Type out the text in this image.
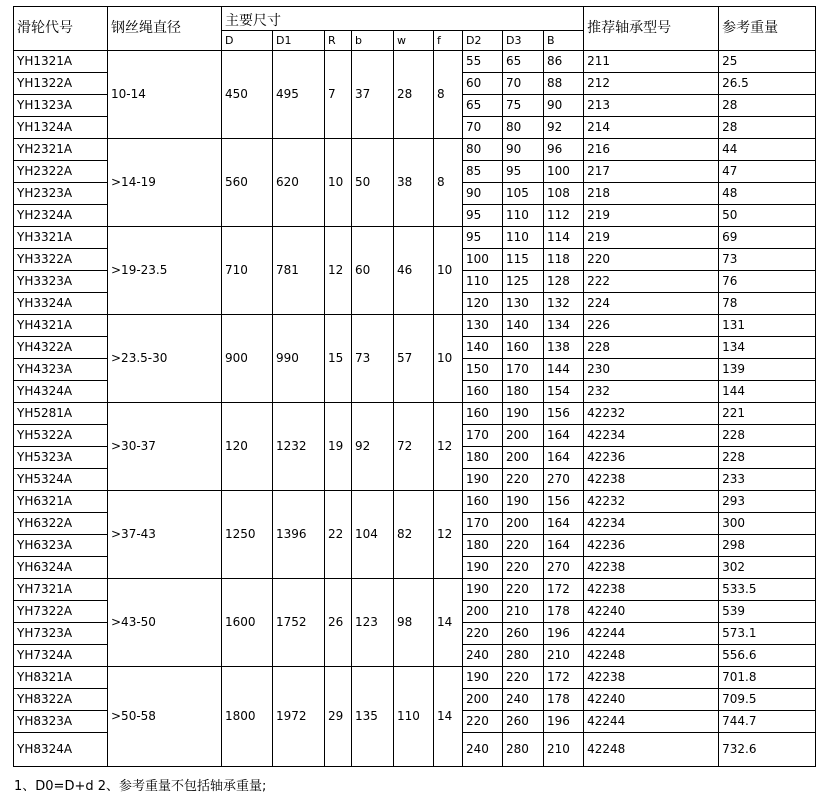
滑轮代号	钢丝绳直径	主要尺寸									推荐轴承型号	参考重量
		D	D1	R	b	w	f	D2	D3	B		
YH1321A	10-14	450	495	7	37	28	8	55	65	86	211	25
YH1322A								60	70	88	212	26.5
YH1323A								65	75	90	213	28
YH1324A								70	80	92	214	28
YH2321A	>14-19	560	620	10	50	38	8	80	90	96	216	44
YH2322A								85	95	100	217	47
YH2323A								90	105	108	218	48
YH2324A								95	110	112	219	50
YH3321A	>19-23.5	710	781	12	60	46	10	95	110	114	219	69
YH3322A								100	115	118	220	73
YH3323A								110	125	128	222	76
YH3324A								120	130	132	224	78
YH4321A	>23.5-30	900	990	15	73	57	10	130	140	134	226	131
YH4322A								140	160	138	228	134
YH4323A								150	170	144	230	139
YH4324A								160	180	154	232	144
YH5281A	>30-37	120	1232	19	92	72	12	160	190	156	42232	221
YH5322A								170	200	164	42234	228
YH5323A								180	200	164	42236	228
YH5324A								190	220	270	42238	233
YH6321A	>37-43	1250	1396	22	104	82	12	160	190	156	42232	293
YH6322A								170	200	164	42234	300
YH6323A								180	220	164	42236	298
YH6324A								190	220	270	42238	302
YH7321A	>43-50	1600	1752	26	123	98	14	190	220	172	42238	533.5
YH7322A								200	210	178	42240	539
YH7323A								220	260	196	42244	573.1
YH7324A								240	280	210	42248	556.6
YH8321A	>50-58	1800	1972	29	135	110	14	190	220	172	42238	701.8
YH8322A								200	240	178	42240	709.5
YH8323A								220	260	196	42244	744.7
YH8324A								240	280	210	42248	732.6
1、D0=D+d 2、参考重量不包括轴承重量;
